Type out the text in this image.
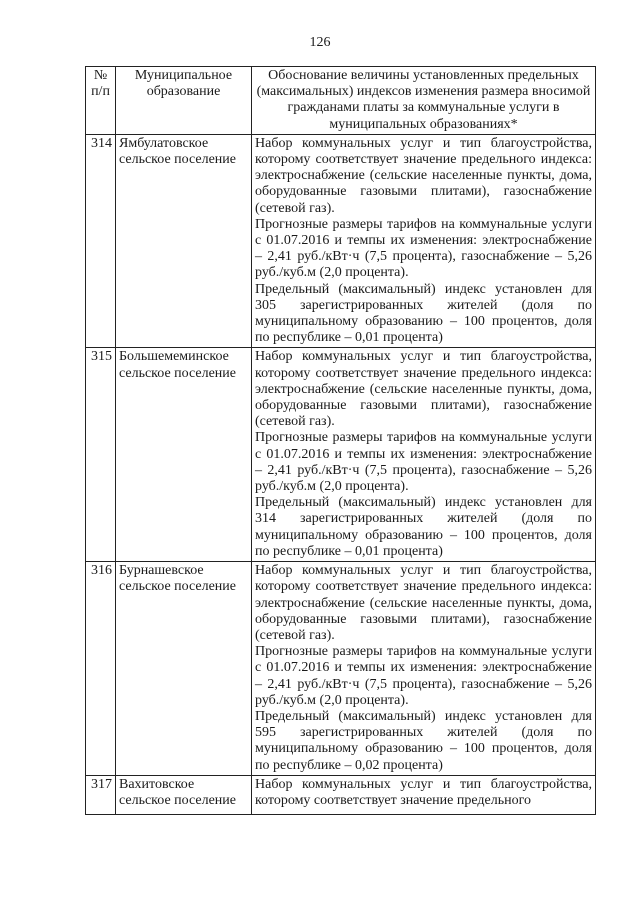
126
№ п/п	Муниципальное образование	Обоснование величины установленных предельных (максимальных) индексов изменения размера вносимой гражданами платы за коммунальные услуги в муниципальных образованиях*
314	Ямбулатовское сельское поселение	Набор коммунальных услуг и тип благоустройства, которому соответствует значение предельного индекса: электроснабжение (сельские населенные пункты, дома, оборудованные газовыми плитами), газоснабжение (сетевой газ).

Прогнозные размеры тарифов на коммунальные услуги с 01.07.2016 и темпы их изменения: электроснабжение – 2,41 руб./кВт·ч (7,5 процента), газоснабжение – 5,26 руб./куб.м (2,0 процента).

Предельный (максимальный) индекс установлен для 305 зарегистрированных жителей (доля по муниципальному образованию – 100 процентов, доля по республике – 0,01 процента)

315	Большемеминское сельское поселение	Набор коммунальных услуг и тип благоустройства, которому соответствует значение предельного индекса: электроснабжение (сельские населенные пункты, дома, оборудованные газовыми плитами), газоснабжение (сетевой газ).

Прогнозные размеры тарифов на коммунальные услуги с 01.07.2016 и темпы их изменения: электроснабжение – 2,41 руб./кВт·ч (7,5 процента), газоснабжение – 5,26 руб./куб.м (2,0 процента).

Предельный (максимальный) индекс установлен для 314 зарегистрированных жителей (доля по муниципальному образованию – 100 процентов, доля по республике – 0,01 процента)

316	Бурнашевское сельское поселение	Набор коммунальных услуг и тип благоустройства, которому соответствует значение предельного индекса: электроснабжение (сельские населенные пункты, дома, оборудованные газовыми плитами), газоснабжение (сетевой газ).

Прогнозные размеры тарифов на коммунальные услуги с 01.07.2016 и темпы их изменения: электроснабжение – 2,41 руб./кВт·ч (7,5 процента), газоснабжение – 5,26 руб./куб.м (2,0 процента).

Предельный (максимальный) индекс установлен для 595 зарегистрированных жителей (доля по муниципальному образованию – 100 процентов, доля по республике – 0,02 процента)

317	Вахитовское сельское поселение	Набор коммунальных услуг и тип благоустройства, которому соответствует значение предельного
